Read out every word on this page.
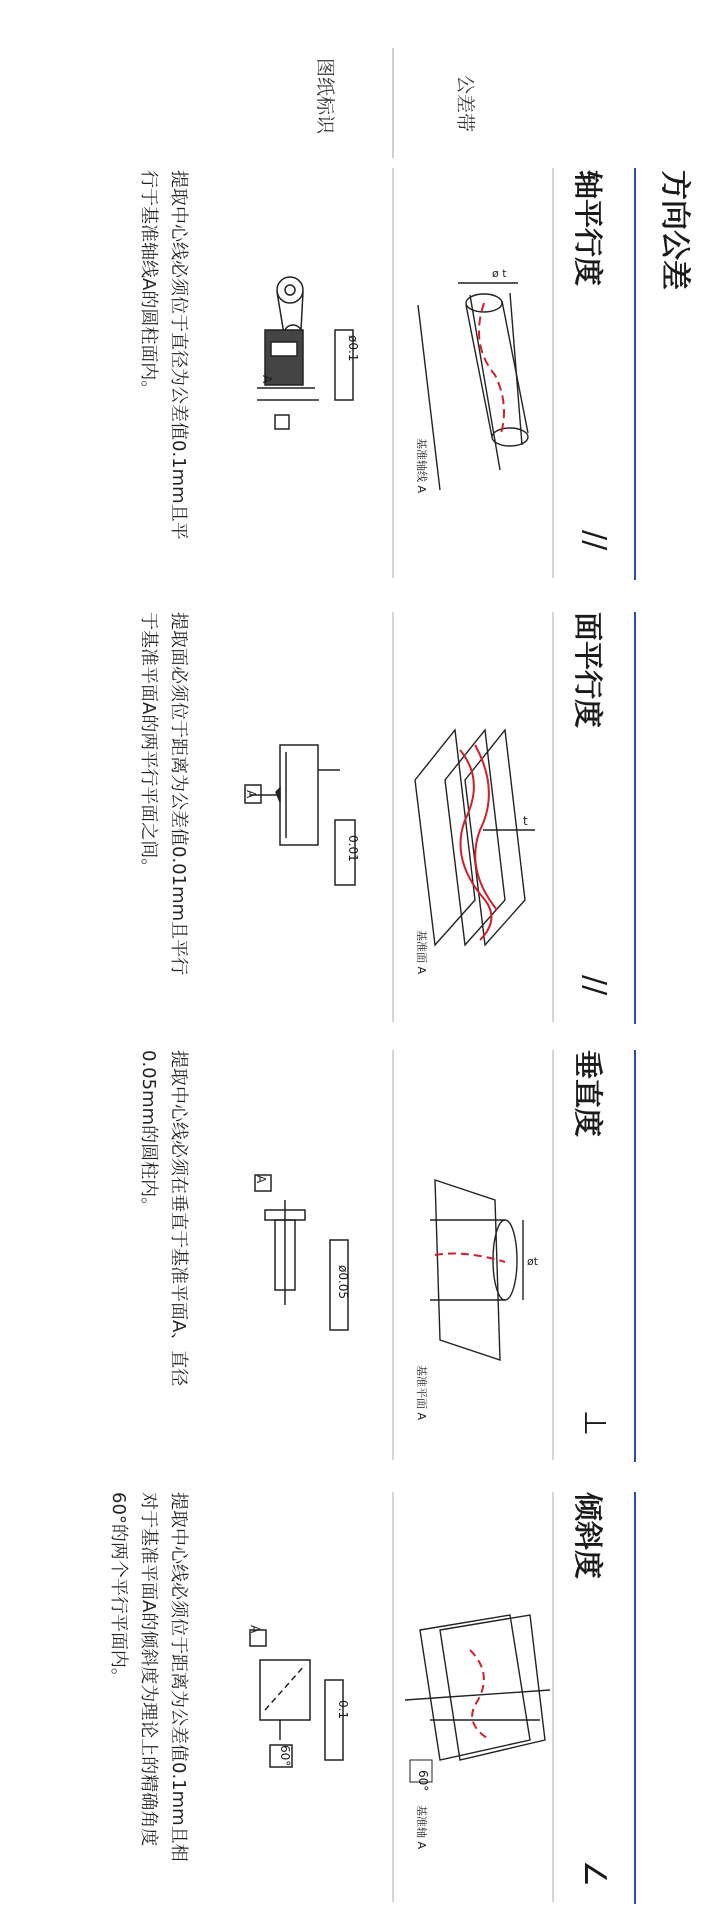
方向公差
公差带
图纸标识
轴平行度
//
ø t
基准轴线 A
A
ø0.1
提取中心线必须位于直径为公差值0.1mm且平行于基准轴线A的圆柱面内。
面平行度
//
t
基准面 A
A
0.01
提取面必须位于距离为公差值0.01mm且平行于基准平面A的两平行平面之间。
垂直度
⊥
øt
基准平面 A
A
ø0.05
提取中心线必须在垂直于基准平面A、直径0.05mm的圆柱内。
倾斜度
∠
60°
基准轴 A
A
0.1
60°
提取中心线必须位于距离为公差值0.1mm且相对于基准平面A的倾斜度为理论上的精确角度60°的两个平行平面内。
